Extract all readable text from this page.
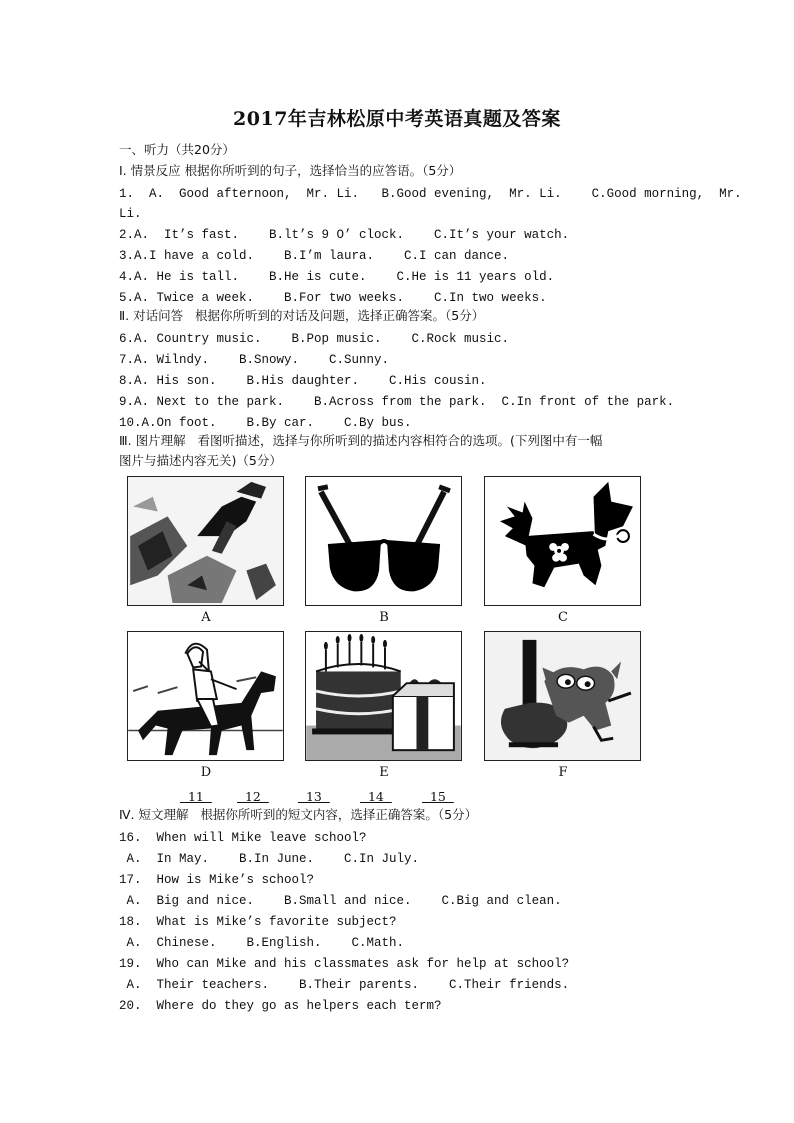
2017年吉林松原中考英语真题及答案
一、听力（共20分）
Ⅰ. 情景反应 根据你所听到的句子，选择恰当的应答语。（5分）
1.  A.  Good afternoon,  Mr. Li.   B.Good evening,  Mr. Li.    C.Good morning,  Mr.
Li.
2.A.  It’s fast.    B.lt’s 9 O’ clock.    C.It’s your watch.
3.A.I have a cold.    B.I’m laura.    C.I can dance.
4.A. He is tall.    B.He is cute.    C.He is 11 years old.
5.A. Twice a week.    B.For two weeks.    C.In two weeks.
Ⅱ. 对话问答   根据你所听到的对话及问题，选择正确答案。（5分）
6.A. Country music.    B.Pop music.    C.Rock music.
7.A. Wilndy.    B.Snowy.    C.Sunny.
8.A. His son.    B.His daughter.    C.His cousin.
9.A. Next to the park.    B.Across from the park.  C.In front of the park.
10.A.On foot.    B.By car.    C.By bus.
Ⅲ. 图片理解   看图听描述，选择与你所听到的描述内容相符合的选项。(下列图中有一幅
图片与描述内容无关)（5分）
A	B	C
D	E	F
11 12 13 14 15
Ⅳ. 短文理解   根据你所听到的短文内容，选择正确答案。（5分）
16.  When will Mike leave school?
A.  In May.    B.In June.    C.In July.
17.  How is Mike’s school?
A.  Big and nice.    B.Small and nice.    C.Big and clean.
18.  What is Mike’s favorite subject?
A.  Chinese.    B.English.    C.Math.
19.  Who can Mike and his classmates ask for help at school?
A.  Their teachers.    B.Their parents.    C.Their friends.
20.  Where do they go as helpers each term?
